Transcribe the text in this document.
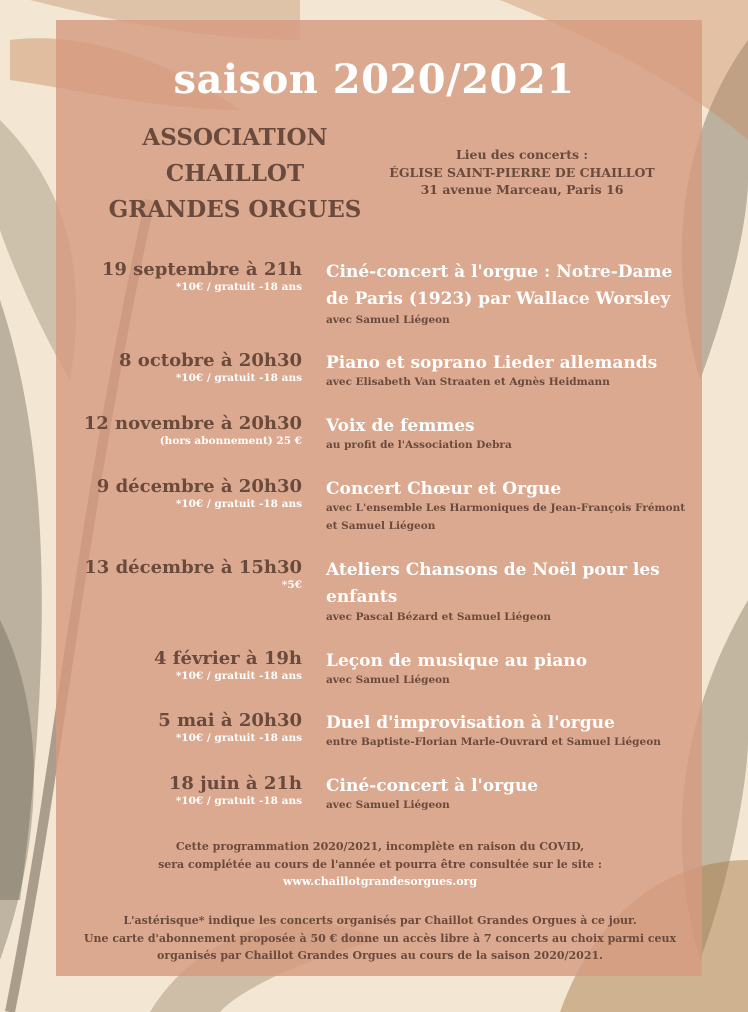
saison 2020/2021
ASSOCIATION
CHAILLOT
GRANDES ORGUES
Lieu des concerts :
ÉGLISE SAINT-PIERRE DE CHAILLOT
31 avenue Marceau, Paris 16
19 septembre à 21h
*10€ / gratuit -18 ans
Ciné-concert à l'orgue : Notre-Dame de Paris (1923) par Wallace Worsley
avec Samuel Liégeon
8 octobre à 20h30
*10€ / gratuit -18 ans
Piano et soprano Lieder allemands
avec Elisabeth Van Straaten et Agnès Heidmann
12 novembre à 20h30
(hors abonnement) 25 €
Voix de femmes
au profit de l'Association Debra
9 décembre à 20h30
*10€ / gratuit -18 ans
Concert Chœur et Orgue
avec L'ensemble Les Harmoniques de Jean-François Frémont et Samuel Liégeon
13 décembre à 15h30
*5€
Ateliers Chansons de Noël pour les enfants
avec Pascal Bézard et Samuel Liégeon
4 février à 19h
*10€ / gratuit -18 ans
Leçon de musique au piano
avec Samuel Liégeon
5 mai à 20h30
*10€ / gratuit -18 ans
Duel d'improvisation à l'orgue
entre Baptiste-Florian Marle-Ouvrard et Samuel Liégeon
18 juin à 21h
*10€ / gratuit -18 ans
Ciné-concert à l'orgue
avec Samuel Liégeon
Cette programmation 2020/2021, incomplète en raison du COVID,
sera complétée au cours de l'année et pourra être consultée sur le site :
www.chaillotgrandesorgues.org
L'astérisque* indique les concerts organisés par Chaillot Grandes Orgues à ce jour.
Une carte d'abonnement proposée à 50 € donne un accès libre à 7 concerts au choix parmi ceux
organisés par Chaillot Grandes Orgues au cours de la saison 2020/2021.
